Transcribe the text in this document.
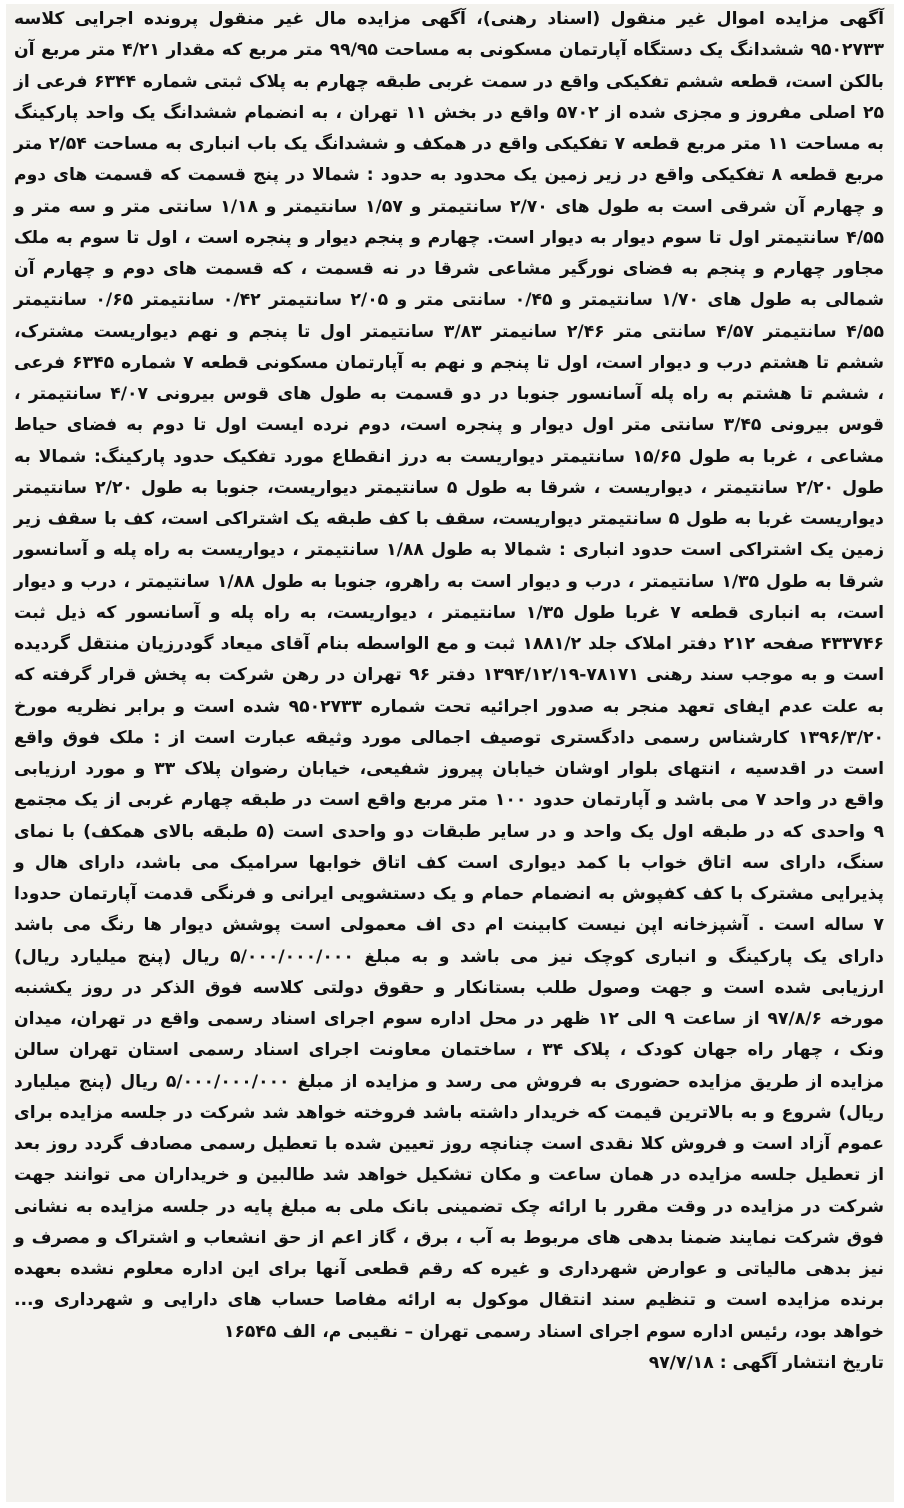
آگهی مزایده اموال غیر منقول (اسناد رهنی)، آگهی مزایده مال غیر منقول پرونده اجرایی کلاسه ۹۵۰۲۷۳۳ ششدانگ یک دستگاه آپارتمان مسکونی به مساحت ۹۹/۹۵ متر مربع که مقدار ۴/۲۱ متر مربع آن بالکن است، قطعه ششم تفکیکی واقع در سمت غربی طبقه چهارم به پلاک ثبتی شماره ۶۳۴۴ فرعی از ۲۵ اصلی مفروز و مجزی شده از ۵۷۰۲ واقع در بخش ۱۱ تهران ، به انضمام ششدانگ یک واحد پارکینگ به مساحت ۱۱ متر مربع قطعه ۷ تفکیکی واقع در همکف و ششدانگ یک باب انباری به مساحت ۲/۵۴ متر مربع قطعه ۸ تفکیکی واقع در زیر زمین یک محدود به حدود : شمالا در پنج قسمت که قسمت های دوم و چهارم آن شرقی است به طول های ۲/۷۰ سانتیمتر و ۱/۵۷ سانتیمتر و ۱/۱۸ سانتی متر و سه متر و ۴/۵۵ سانتیمتر اول تا سوم دیوار به دیوار است. چهارم و پنجم دیوار و پنجره است ، اول تا سوم به ملک مجاور چهارم و پنجم به فضای نورگیر مشاعی شرقا در نه قسمت ، که قسمت های دوم و چهارم آن شمالی به طول های ۱/۷۰ سانتیمتر و ۰/۴۵ سانتی متر و ۲/۰۵ سانتیمتر ۰/۴۲ سانتیمتر ۰/۶۵ سانتیمتر ۴/۵۵ سانتیمتر ۴/۵۷ سانتی متر ۲/۴۶ سانیمتر ۳/۸۳ سانتیمتر اول تا پنجم و نهم دیواریست مشترک، ششم تا هشتم درب و دیوار است، اول تا پنجم و نهم به آپارتمان مسکونی قطعه ۷ شماره ۶۳۴۵ فرعی ، ششم تا هشتم به راه پله آسانسور جنوبا در دو قسمت به طول های قوس بیرونی ۴/۰۷ سانتیمتر ، قوس بیرونی ۳/۴۵ سانتی متر اول دیوار و پنجره است، دوم نرده ایست اول تا دوم به فضای حیاط مشاعی ، غربا به طول ۱۵/۶۵ سانتیمتر دیواریست به درز انقطاع مورد تفکیک حدود پارکینگ: شمالا به طول ۲/۲۰ سانتیمتر ، دیواریست ، شرقا به طول ۵ سانتیمتر دیواریست، جنوبا به طول ۲/۲۰ سانتیمتر دیواریست غربا به طول ۵ سانتیمتر دیواریست، سقف با کف طبقه یک اشتراکی است، کف با سقف زیر زمین یک اشتراکی است حدود انباری : شمالا به طول ۱/۸۸ سانتیمتر ، دیواریست به راه پله و آسانسور شرقا به طول ۱/۳۵ سانتیمتر ، درب و دیوار است به راهرو، جنوبا به طول ۱/۸۸ سانتیمتر ، درب و دیوار است، به انباری قطعه ۷ غربا طول ۱/۳۵ سانتیمتر ، دیواریست، به راه پله و آسانسور که ذیل ثبت ۴۳۳۷۴۶ صفحه ۲۱۲ دفتر املاک جلد ۱۸۸۱/۲ ثبت و مع الواسطه بنام آقای میعاد گودرزیان منتقل گردیده است و به موجب سند رهنی ۷۸۱۷۱-۱۳۹۴/۱۲/۱۹ دفتر ۹۶ تهران در رهن شرکت به پخش قرار گرفته که به علت عدم ایفای تعهد منجر به صدور اجرائیه تحت شماره ۹۵۰۲۷۳۳ شده است و برابر نظریه مورخ ۱۳۹۶/۳/۲۰ کارشناس رسمی دادگستری توصیف اجمالی مورد وثیقه عبارت است از : ملک فوق واقع است در اقدسیه ، انتهای بلوار اوشان خیابان پیروز شفیعی، خیابان رضوان پلاک ۳۳ و مورد ارزیابی واقع در واحد ۷ می باشد و آپارتمان حدود ۱۰۰ متر مربع واقع است در طبقه چهارم غربی از یک مجتمع ۹ واحدی که در طبقه اول یک واحد و در سایر طبقات دو واحدی است (۵ طبقه بالای همکف) با نمای سنگ، دارای سه اتاق خواب با کمد دیواری است کف اتاق خوابها سرامیک می باشد، دارای هال و پذیرایی مشترک با کف کفپوش به انضمام حمام و یک دستشویی ایرانی و فرنگی قدمت آپارتمان حدودا ۷ ساله است . آشپزخانه اپن نیست کابینت ام دی اف معمولی است پوشش دیوار ها رنگ می باشد دارای یک پارکینگ و انباری کوچک نیز می باشد و به مبلغ ۵/۰۰۰/۰۰۰/۰۰۰ ریال (پنج میلیارد ریال) ارزیابی شده است و جهت وصول طلب بستانکار و حقوق دولتی کلاسه فوق الذکر در روز یکشنبه مورخه ۹۷/۸/۶ از ساعت ۹ الی ۱۲ ظهر در محل اداره سوم اجرای اسناد رسمی واقع در تهران، میدان ونک ، چهار راه جهان کودک ، پلاک ۳۴ ، ساختمان معاونت اجرای اسناد رسمی استان تهران سالن مزایده از طریق مزایده حضوری به فروش می رسد و مزایده از مبلغ ۵/۰۰۰/۰۰۰/۰۰۰ ریال (پنج میلیارد ریال) شروع و به بالاترین قیمت که خریدار داشته باشد فروخته خواهد شد شرکت در جلسه مزایده برای عموم آزاد است و فروش کلا نقدی است چنانچه روز تعیین شده با تعطیل رسمی مصادف گردد روز بعد از تعطیل جلسه مزایده در همان ساعت و مکان تشکیل خواهد شد طالبین و خریداران می توانند جهت شرکت در مزایده در وقت مقرر با ارائه چک تضمینی بانک ملی به مبلغ پایه در جلسه مزایده به نشانی فوق شرکت نمایند ضمنا بدهی های مربوط به آب ، برق ، گاز اعم از حق انشعاب و اشتراک و مصرف و نیز بدهی مالیاتی و عوارض شهرداری و غیره که رقم قطعی آنها برای این اداره معلوم نشده بعهده برنده مزایده است و تنظیم سند انتقال موکول به ارائه مفاصا حساب های دارایی و شهرداری و... خواهد بود، رئیس اداره سوم اجرای اسناد رسمی تهران – نقیبی م، الف ۱۶۵۴۵

تاریخ انتشار آگهی : ۹۷/۷/۱۸
